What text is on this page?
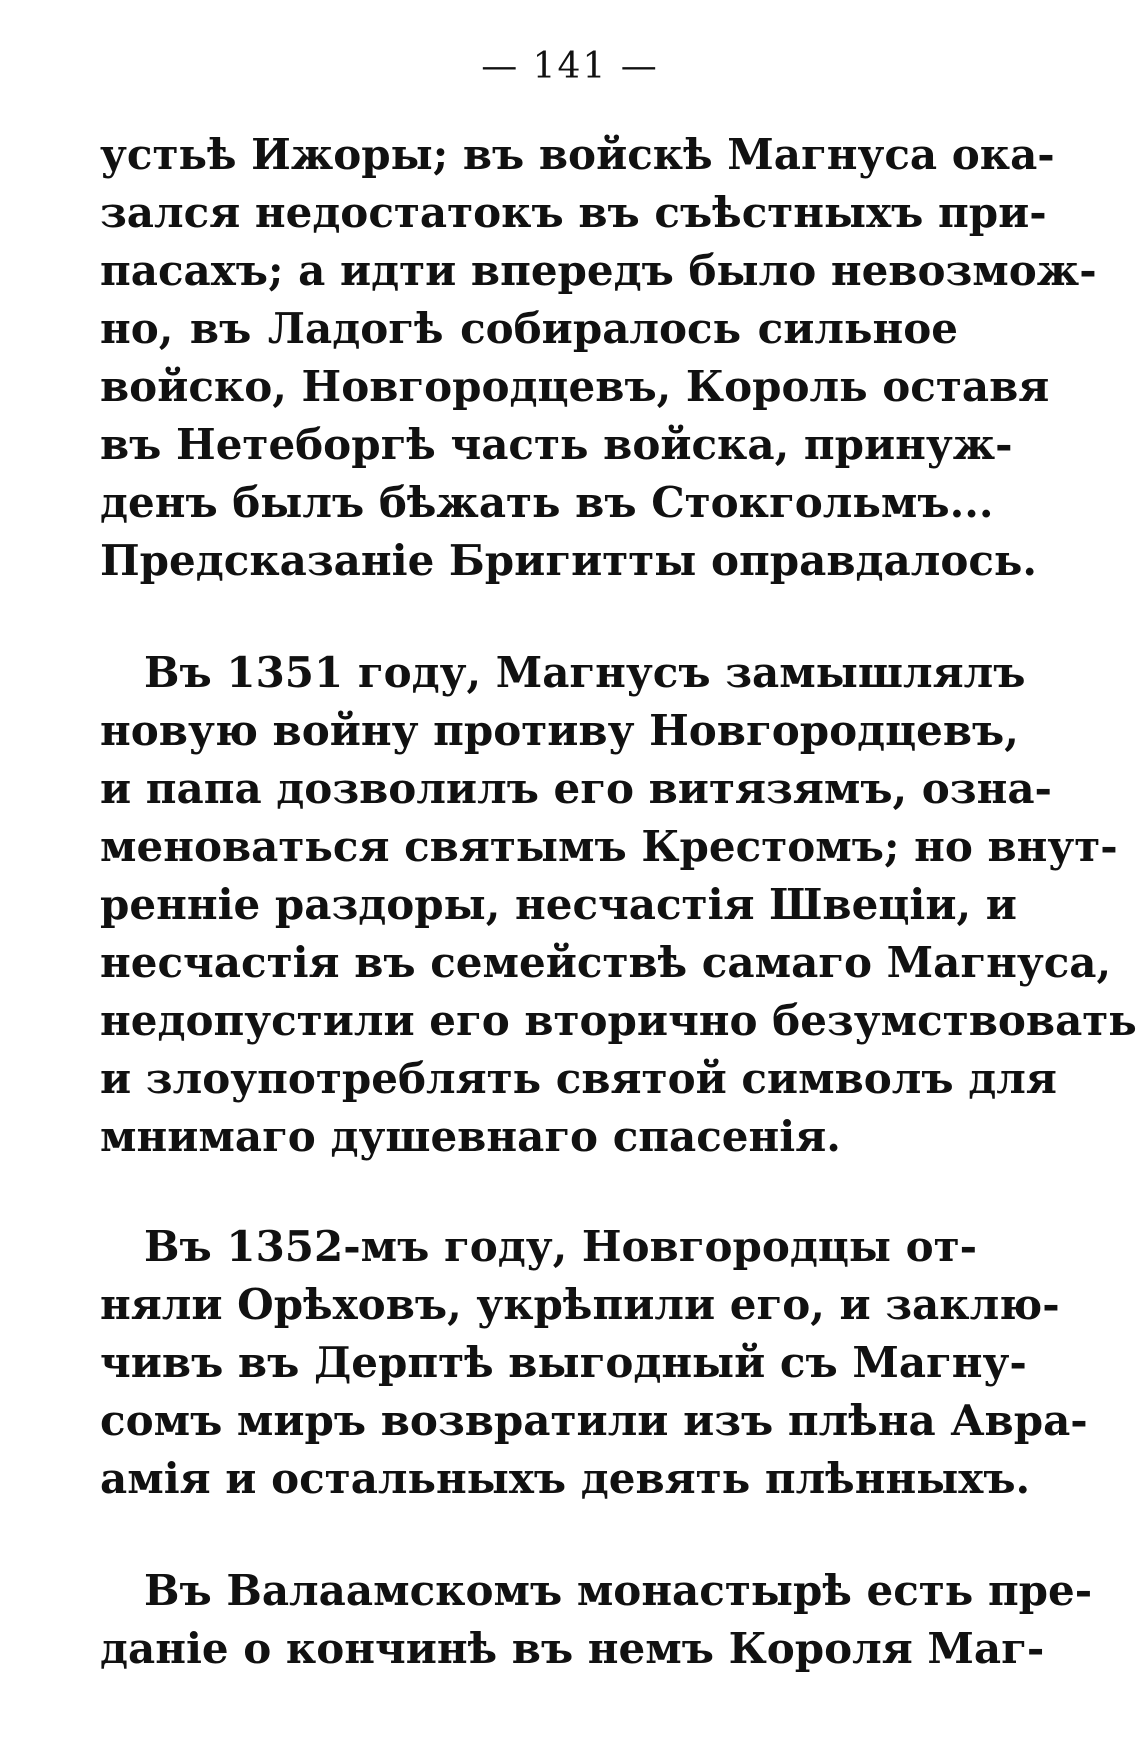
— 141 —
устьѣ Ижоры; въ войскѣ Магнуса ока-
зался недостатокъ въ съѣстныхъ при-
пасахъ; а идти впередъ было невозмож-
но, въ Ладогѣ собиралось сильное
войско, Новгородцевъ, Король оставя
въ Нетеборгѣ часть войска, принуж-
денъ былъ бѣжать въ Стокгольмъ...
Предсказаніе Бригитты оправдалось.
Въ 1351 году, Магнусъ замышлялъ
новую войну противу Новгородцевъ,
и папа дозволилъ его витязямъ, озна-
меноваться святымъ Крестомъ; но внут-
ренніе раздоры, несчастія Швеціи, и
несчастія въ семействѣ самаго Магнуса,
недопустили его вторично безумствовать
и злоупотреблять святой символъ для
мнимаго душевнаго спасенія.
Въ 1352-мъ году, Новгородцы от-
няли Орѣховъ, укрѣпили его, и заклю-
чивъ въ Дерптѣ выгодный съ Магну-
сомъ миръ возвратили изъ плѣна Авра-
амія и остальныхъ девять плѣнныхъ.
Въ Валаамскомъ монастырѣ есть пре-
даніе о кончинѣ въ немъ Короля Маг-
